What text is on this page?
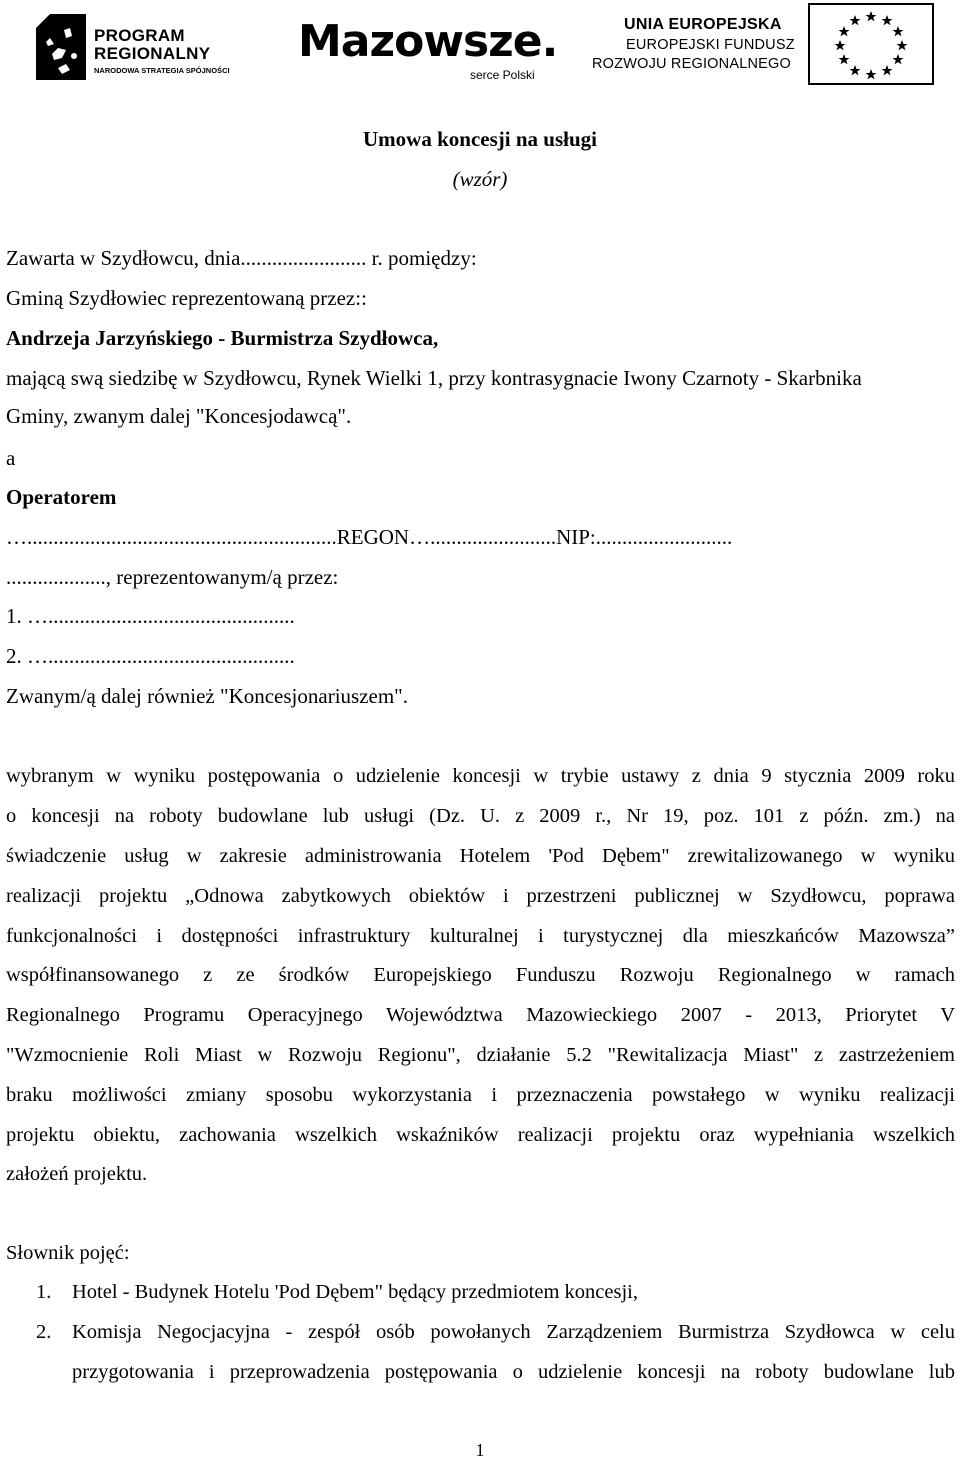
PROGRAM
REGIONALNY
NARODOWA STRATEGIA SPÓJNOŚCI
Mazowsze.
serce Polski
UNIA EUROPEJSKA
EUROPEJSKI FUNDUSZ
ROZWOJU REGIONALNEGO
Umowa koncesji na usługi
(wzór)
Zawarta w Szydłowcu, dnia........................ r. pomiędzy:
Gminą Szydłowiec reprezentowaną przez::
Andrzeja Jarzyńskiego - Burmistrza Szydłowca,
mającą swą siedzibę w Szydłowcu, Rynek Wielki 1, przy kontrasygnacie Iwony Czarnoty - Skarbnika
Gminy, zwanym dalej "Koncesjodawcą".
a
Operatorem
…...........................................................REGON…........................NIP:..........................
..................., reprezentowanym/ą przez:
1. …...............................................
2. …...............................................
Zwanym/ą dalej również "Koncesjonariuszem".
wybranym w wyniku postępowania o udzielenie koncesji w trybie ustawy z dnia 9 stycznia 2009 roku
o koncesji na roboty budowlane lub usługi (Dz. U. z 2009 r., Nr 19, poz. 101 z późn. zm.) na
świadczenie usług w zakresie administrowania Hotelem 'Pod Dębem" zrewitalizowanego w wyniku
realizacji projektu „Odnowa zabytkowych obiektów i przestrzeni publicznej w Szydłowcu, poprawa
funkcjonalności i dostępności infrastruktury kulturalnej i turystycznej dla mieszkańców Mazowsza”
współfinansowanego z ze środków Europejskiego Funduszu Rozwoju Regionalnego w ramach
Regionalnego Programu Operacyjnego Województwa Mazowieckiego 2007 - 2013, Priorytet V
"Wzmocnienie Roli Miast w Rozwoju Regionu", działanie 5.2 "Rewitalizacja Miast" z zastrzeżeniem
braku możliwości zmiany sposobu wykorzystania i przeznaczenia powstałego w wyniku realizacji
projektu obiektu, zachowania wszelkich wskaźników realizacji projektu oraz wypełniania wszelkich
założeń projektu.
Słownik pojęć:
1. Hotel - Budynek Hotelu 'Pod Dębem" będący przedmiotem koncesji,
2. Komisja Negocjacyjna - zespół osób powołanych Zarządzeniem Burmistrza Szydłowca w celu
przygotowania i przeprowadzenia postępowania o udzielenie koncesji na roboty budowlane lub
1
